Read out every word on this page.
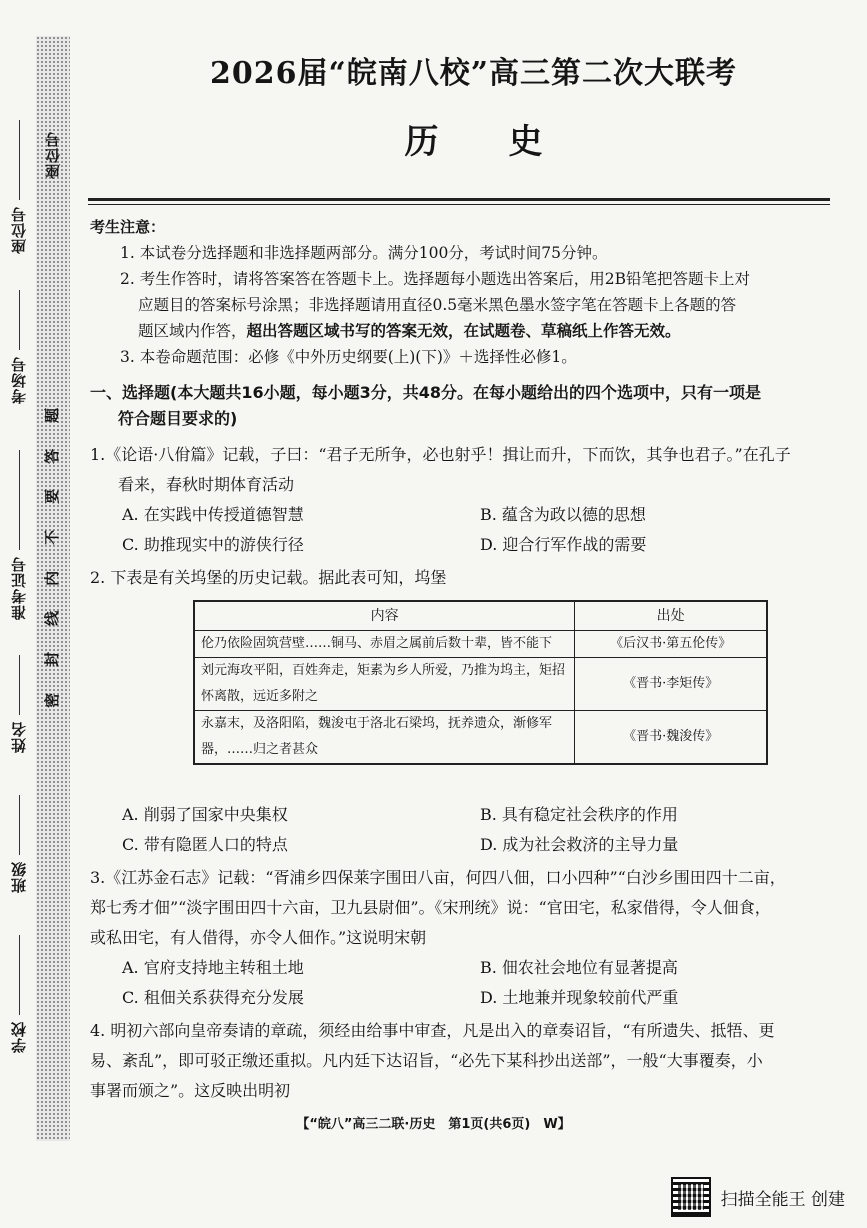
座位号
座位号
考场号
准考证号
姓名
班级
学校
题
答
要
不
内
线
封
密
2026届“皖南八校”高三第二次大联考
历史
考生注意：
1. 本试卷分选择题和非选择题两部分。满分100分，考试时间75分钟。
2. 考生作答时，请将答案答在答题卡上。选择题每小题选出答案后，用2B铅笔把答题卡上对
应题目的答案标号涂黑；非选择题请用直径0.5毫米黑色墨水签字笔在答题卡上各题的答
题区域内作答，超出答题区域书写的答案无效，在试题卷、草稿纸上作答无效。
3. 本卷命题范围：必修《中外历史纲要(上)(下)》＋选择性必修1。
一、选择题(本大题共16小题，每小题3分，共48分。在每小题给出的四个选项中，只有一项是
符合题目要求的)
1.《论语·八佾篇》记载，子曰：“君子无所争，必也射乎！揖让而升，下而饮，其争也君子。”在孔子
看来，春秋时期体育活动
A. 在实践中传授道德智慧	B. 蕴含为政以德的思想
C. 助推现实中的游侠行径	D. 迎合行军作战的需要
2. 下表是有关坞堡的历史记载。据此表可知，坞堡
内容	出处
伦乃依险固筑营壁……铜马、赤眉之属前后数十辈，皆不能下	《后汉书·第五伦传》
刘元海攻平阳，百姓奔走，矩素为乡人所爱，乃推为坞主，矩招怀离散，远近多附之	《晋书·李矩传》
永嘉末，及洛阳陷，魏浚屯于洛北石梁坞，抚养遗众，渐修军器，……归之者甚众	《晋书·魏浚传》
A. 削弱了国家中央集权	B. 具有稳定社会秩序的作用
C. 带有隐匿人口的特点	D. 成为社会救济的主导力量
3.《江苏金石志》记载：“胥浦乡四保莱字围田八亩，何四八佃，口小四种”“白沙乡围田四十二亩，
郑七秀才佃”“淡字围田四十六亩，卫九县尉佃”。《宋刑统》说：“官田宅，私家借得，令人佃食，
或私田宅，有人借得，亦令人佃作。”这说明宋朝
A. 官府支持地主转租土地	B. 佃农社会地位有显著提高
C. 租佃关系获得充分发展	D. 土地兼并现象较前代严重
4. 明初六部向皇帝奏请的章疏，须经由给事中审查，凡是出入的章奏诏旨，“有所遗失、抵牾、更
易、紊乱”，即可驳正缴还重拟。凡内廷下达诏旨，“必先下某科抄出送部”，一般“大事覆奏，小
事署而颁之”。这反映出明初
【“皖八”高三二联·历史　第1页(共6页)　W】
扫描全能王 创建
